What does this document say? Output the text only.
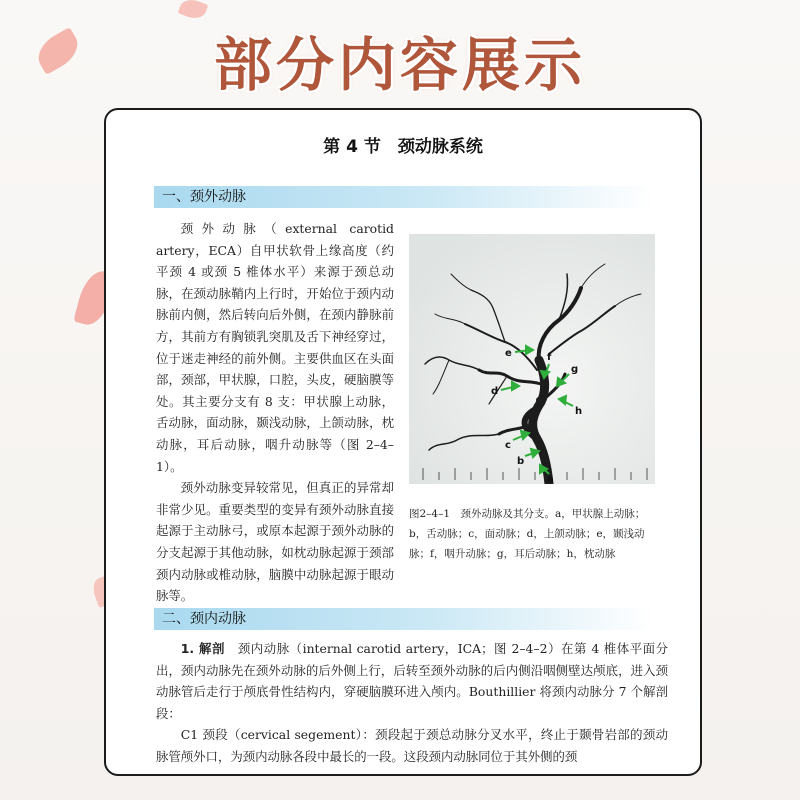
部分内容展示
第 4 节　颈动脉系统
一、颈外动脉

颈外动脉（external carotid artery，ECA）自甲状软骨上缘高度（约平颈 4 或颈 5 椎体水平）来源于颈总动脉，在颈动脉鞘内上行时，开始位于颈内动脉前内侧，然后转向后外侧，在颈内静脉前方，其前方有胸锁乳突肌及舌下神经穿过，位于迷走神经的前外侧。主要供血区在头面部，颈部，甲状腺，口腔，头皮，硬脑膜等处。其主要分支有 8 支：甲状腺上动脉，舌动脉，面动脉，颞浅动脉，上颌动脉，枕动脉，耳后动脉，咽升动脉等（图 2–4–1）。

颈外动脉变异较常见，但真正的异常却非常少见。重要类型的变异有颈外动脉直接起源于主动脉弓，或原本起源于颈外动脉的分支起源于其他动脉，如枕动脉起源于颈部颈内动脉或椎动脉，脑膜中动脉起源于眼动脉等。

a
b
c
d
e	f
g
h
图2–4–1　颈外动脉及其分支。a，甲状腺上动脉；b，舌动脉；c，面动脉；d，上颌动脉；e，颞浅动脉；f，咽升动脉；g，耳后动脉；h，枕动脉
二、颈内动脉

1. 解剖　颈内动脉（internal carotid artery，ICA；图 2–4–2）在第 4 椎体平面分出，颈内动脉先在颈外动脉的后外侧上行，后转至颈外动脉的后内侧沿咽侧壁达颅底，进入颈动脉管后走行于颅底骨性结构内，穿硬脑膜环进入颅内。Bouthillier 将颈内动脉分 7 个解剖段：

C1 颈段（cervical segement）：颈段起于颈总动脉分叉水平，终止于颞骨岩部的颈动脉管颅外口，为颈内动脉各段中最长的一段。这段颈内动脉同位于其外侧的颈
